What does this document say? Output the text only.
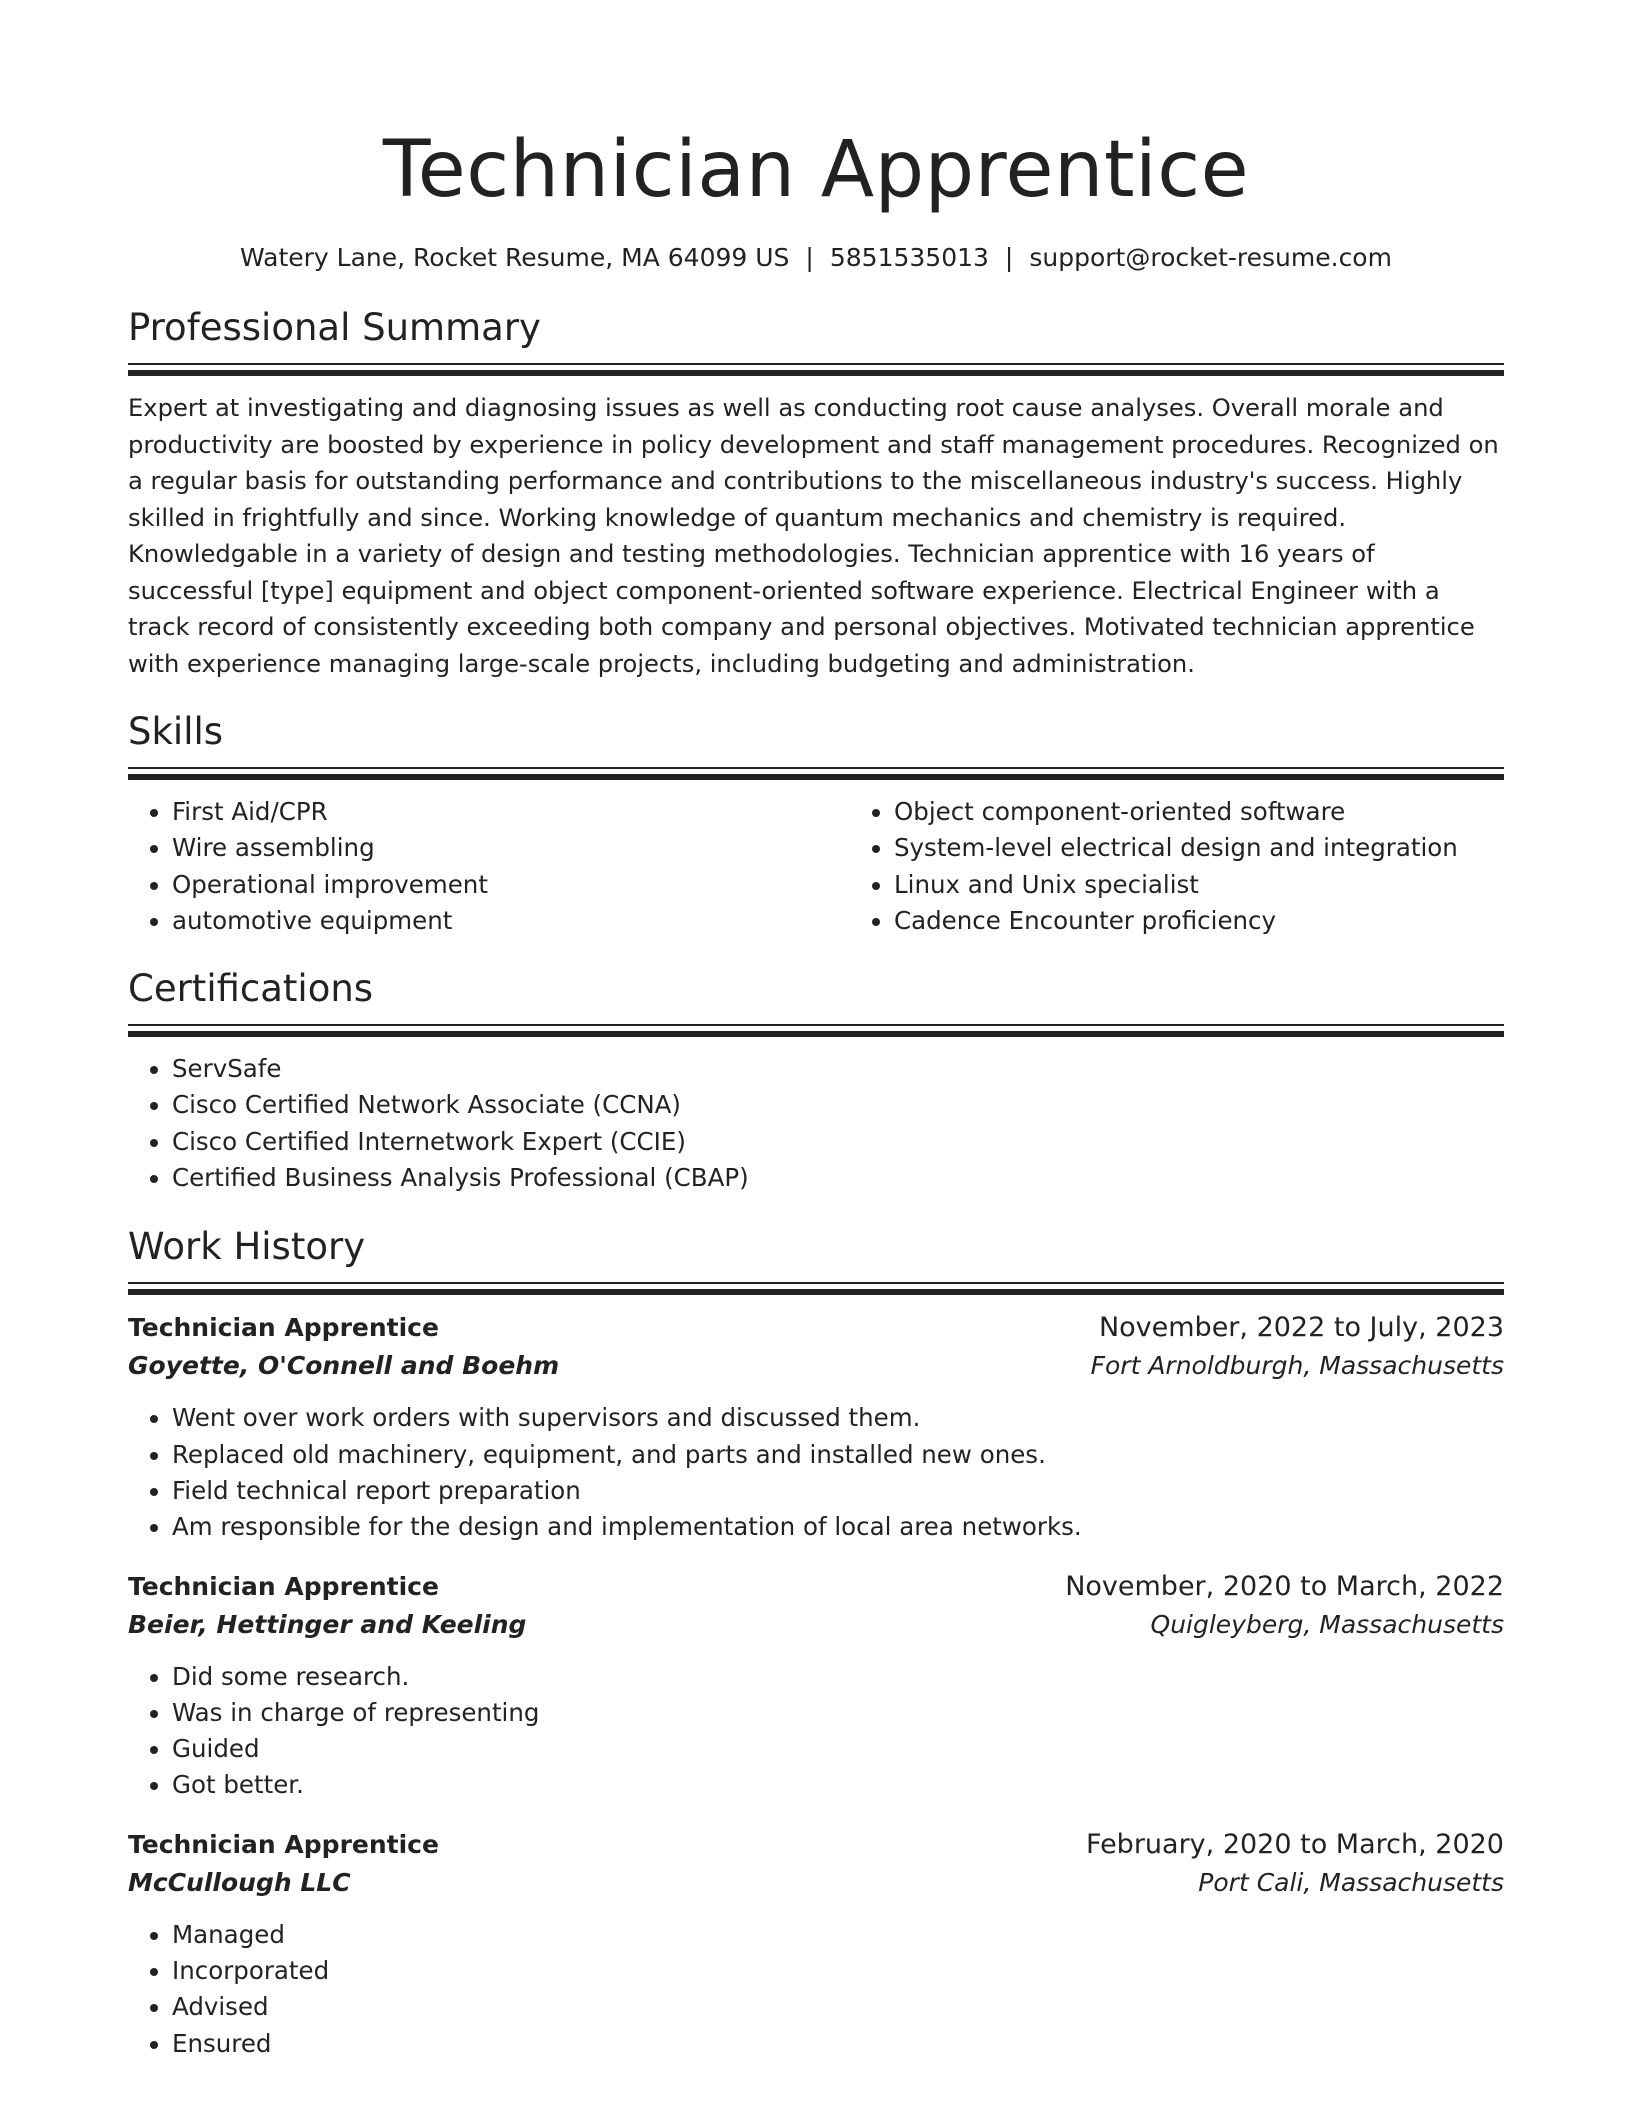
Technician Apprentice
Watery Lane, Rocket Resume, MA 64099 US | 5851535013 | support@rocket-resume.com
Professional Summary

Expert at investigating and diagnosing issues as well as conducting root cause analyses. Overall morale and productivity are boosted by experience in policy development and staff management procedures. Recognized on a regular basis for outstanding performance and contributions to the miscellaneous industry's success. Highly skilled in frightfully and since. Working knowledge of quantum mechanics and chemistry is required. Knowledgable in a variety of design and testing methodologies. Technician apprentice with 16 years of successful [type] equipment and object component-oriented software experience. Electrical Engineer with a track record of consistently exceeding both company and personal objectives. Motivated technician apprentice with experience managing large-scale projects, including budgeting and administration.

Skills
• First Aid/CPR
• Wire assembling
• Operational improvement
• automotive equipment
• Object component-oriented software
• System-level electrical design and integration
• Linux and Unix specialist
• Cadence Encounter proficiency
Certifications
• ServSafe
• Cisco Certified Network Associate (CCNA)
• Cisco Certified Internetwork Expert (CCIE)
• Certified Business Analysis Professional (CBAP)
Work History
Technician Apprentice	November, 2022 to July, 2023
Goyette, O'Connell and Boehm	Fort Arnoldburgh, Massachusetts
• Went over work orders with supervisors and discussed them.
• Replaced old machinery, equipment, and parts and installed new ones.
• Field technical report preparation
• Am responsible for the design and implementation of local area networks.
Technician Apprentice	November, 2020 to March, 2022
Beier, Hettinger and Keeling	Quigleyberg, Massachusetts
• Did some research.
• Was in charge of representing
• Guided
• Got better.
Technician Apprentice	February, 2020 to March, 2020
McCullough LLC	Port Cali, Massachusetts
• Managed
• Incorporated
• Advised
• Ensured
